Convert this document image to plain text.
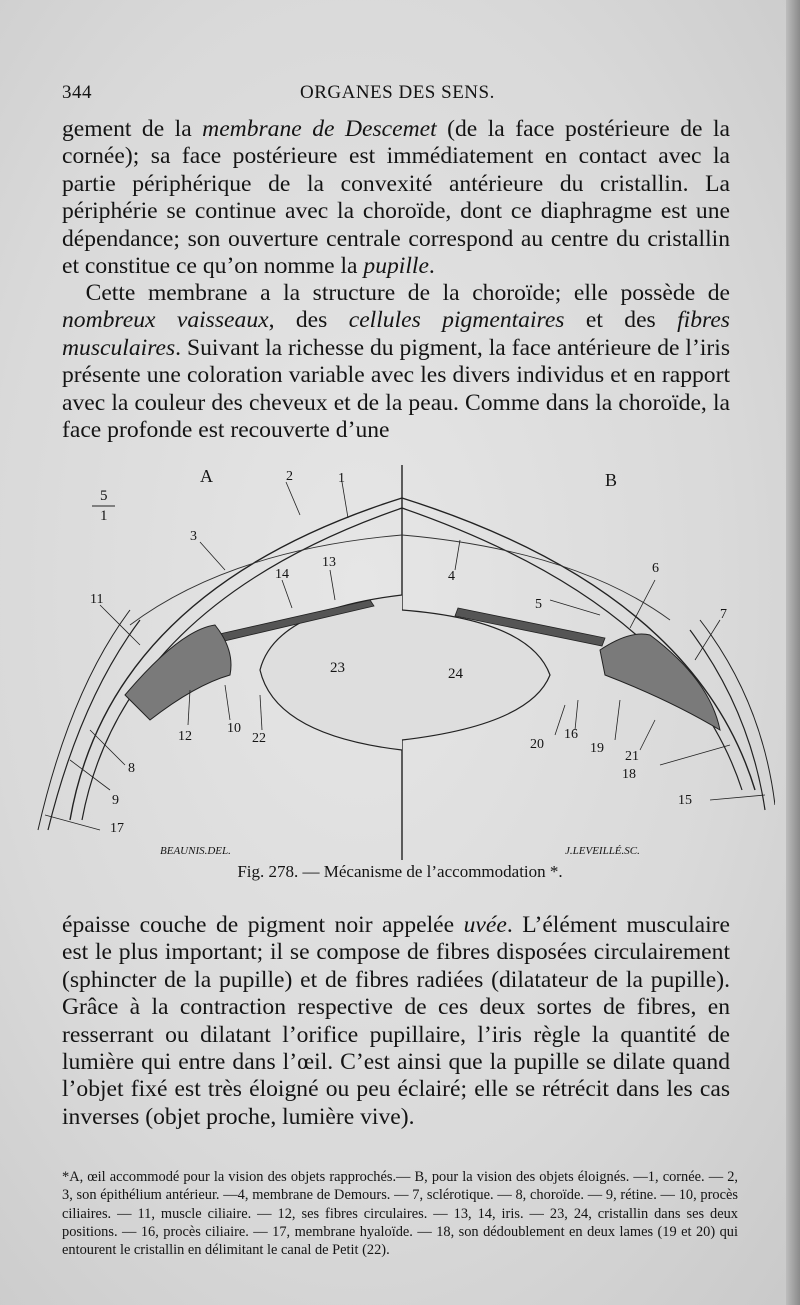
344	ORGANES DES SENS.

gement de la membrane de Descemet (de la face postérieure de la cornée); sa face postérieure est immédiatement en contact avec la partie périphérique de la convexité antérieure du cristallin. La périphérie se continue avec la choroïde, dont ce diaphragme est une dépendance; son ouverture centrale correspond au centre du cristallin et constitue ce qu’on nomme la pupille.

 Cette membrane a la structure de la choroïde; elle possède de nombreux vaisseaux, des cellules pigmentaires et des fibres musculaires. Suivant la richesse du pigment, la face antérieure de l’iris présente une coloration variable avec les divers individus et en rapport avec la couleur des cheveux et de la peau. Comme dans la choroïde, la face profonde est recouverte d’une

A	B
5
1
2	1
3
11
14
13
4
6
7
5
23	24
12
10
22
8
9
17
20
16
19
21
18
15
BEAUNIS.DEL.	J.LEVEILLÉ.SC.
Fig. 278. — Mécanisme de l’accommodation *.

épaisse couche de pigment noir appelée uvée. L’élément musculaire est le plus important; il se compose de fibres disposées circulairement (sphincter de la pupille) et de fibres radiées (dilatateur de la pupille). Grâce à la contraction respective de ces deux sortes de fibres, en resserrant ou dilatant l’orifice pupillaire, l’iris règle la quantité de lumière qui entre dans l’œil. C’est ainsi que la pupille se dilate quand l’objet fixé est très éloigné ou peu éclairé; elle se rétrécit dans les cas inverses (objet proche, lumière vive).

*A, œil accommodé pour la vision des objets rapprochés.— B, pour la vision des objets éloignés. —1, cornée. — 2, 3, son épithélium antérieur. —4, membrane de Demours. — 7, sclérotique. — 8, choroïde. — 9, rétine. — 10, procès ciliaires. — 11, muscle ciliaire. — 12, ses fibres circulaires. — 13, 14, iris. — 23, 24, cristallin dans ses deux positions. — 16, procès ciliaire. — 17, membrane hyaloïde. — 18, son dédoublement en deux lames (19 et 20) qui entourent le cristallin en délimitant le canal de Petit (22).
